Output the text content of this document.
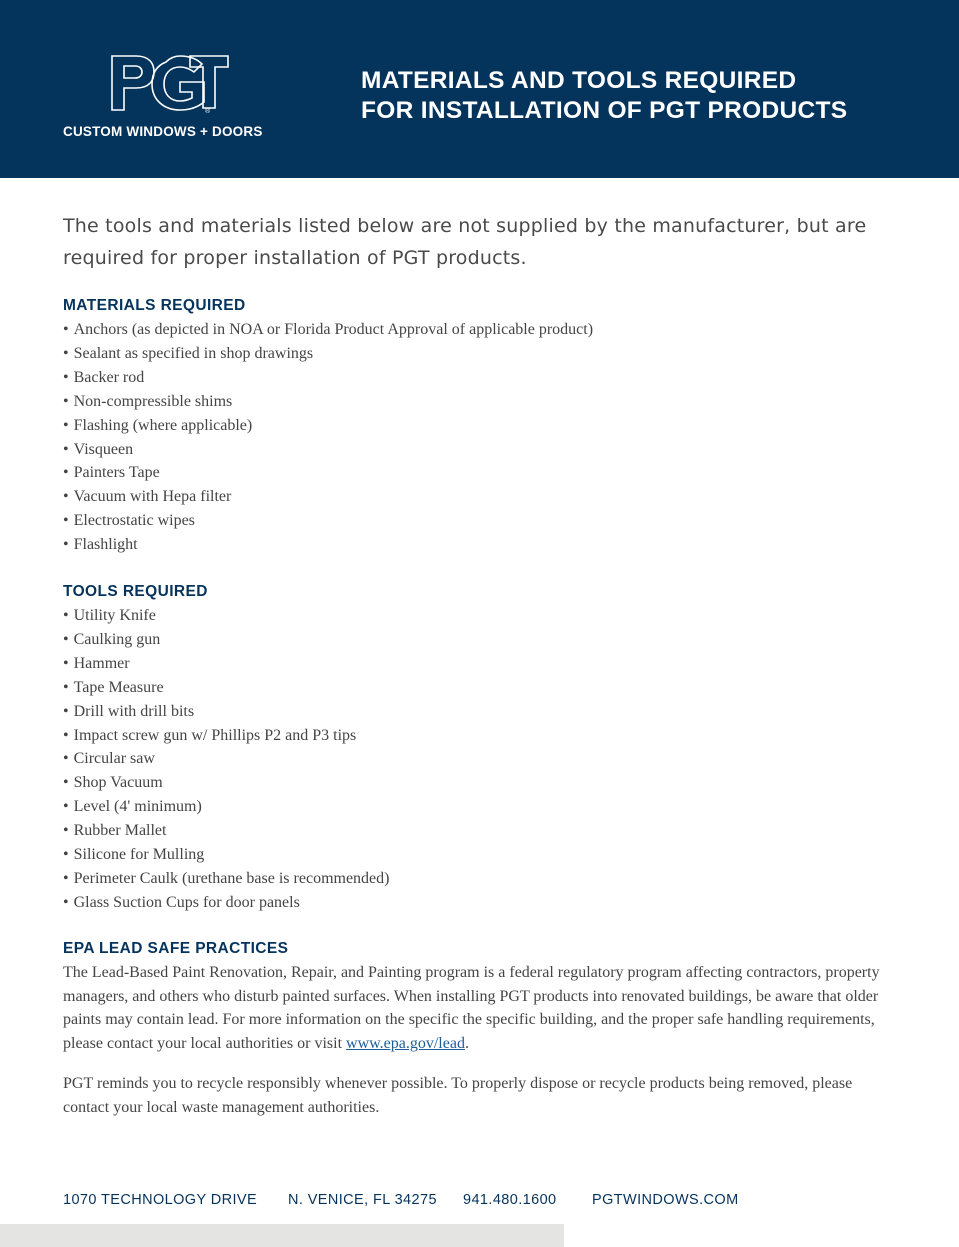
®
CUSTOM WINDOWS + DOORS
MATERIALS AND TOOLS REQUIRED
FOR INSTALLATION OF PGT PRODUCTS

The tools and materials listed below are not supplied by the manufacturer, but are required for proper installation of PGT products.

MATERIALS REQUIRED
• Anchors (as depicted in NOA or Florida Product Approval of applicable product)
• Sealant as specified in shop drawings
• Backer rod
• Non-compressible shims
• Flashing (where applicable)
• Visqueen
• Painters Tape
• Vacuum with Hepa filter
• Electrostatic wipes
• Flashlight
TOOLS REQUIRED
• Utility Knife
• Caulking gun
• Hammer
• Tape Measure
• Drill with drill bits
• Impact screw gun w/ Phillips P2 and P3 tips
• Circular saw
• Shop Vacuum
• Level (4' minimum)
• Rubber Mallet
• Silicone for Mulling
• Perimeter Caulk (urethane base is recommended)
• Glass Suction Cups for door panels
EPA LEAD SAFE PRACTICES

The Lead-Based Paint Renovation, Repair, and Painting program is a federal regulatory program affecting contractors, property managers, and others who disturb painted surfaces. When installing PGT products into renovated buildings, be aware that older paints may contain lead. For more information on the specific the specific building, and the proper safe handling requirements, please contact your local authorities or visit www.epa.gov/lead.

PGT reminds you to recycle responsibly whenever possible. To properly dispose or recycle products being removed, please contact your local waste management authorities.

1070 TECHNOLOGY DRIVE N. VENICE, FL 34275 941.480.1600 PGTWINDOWS.COM
